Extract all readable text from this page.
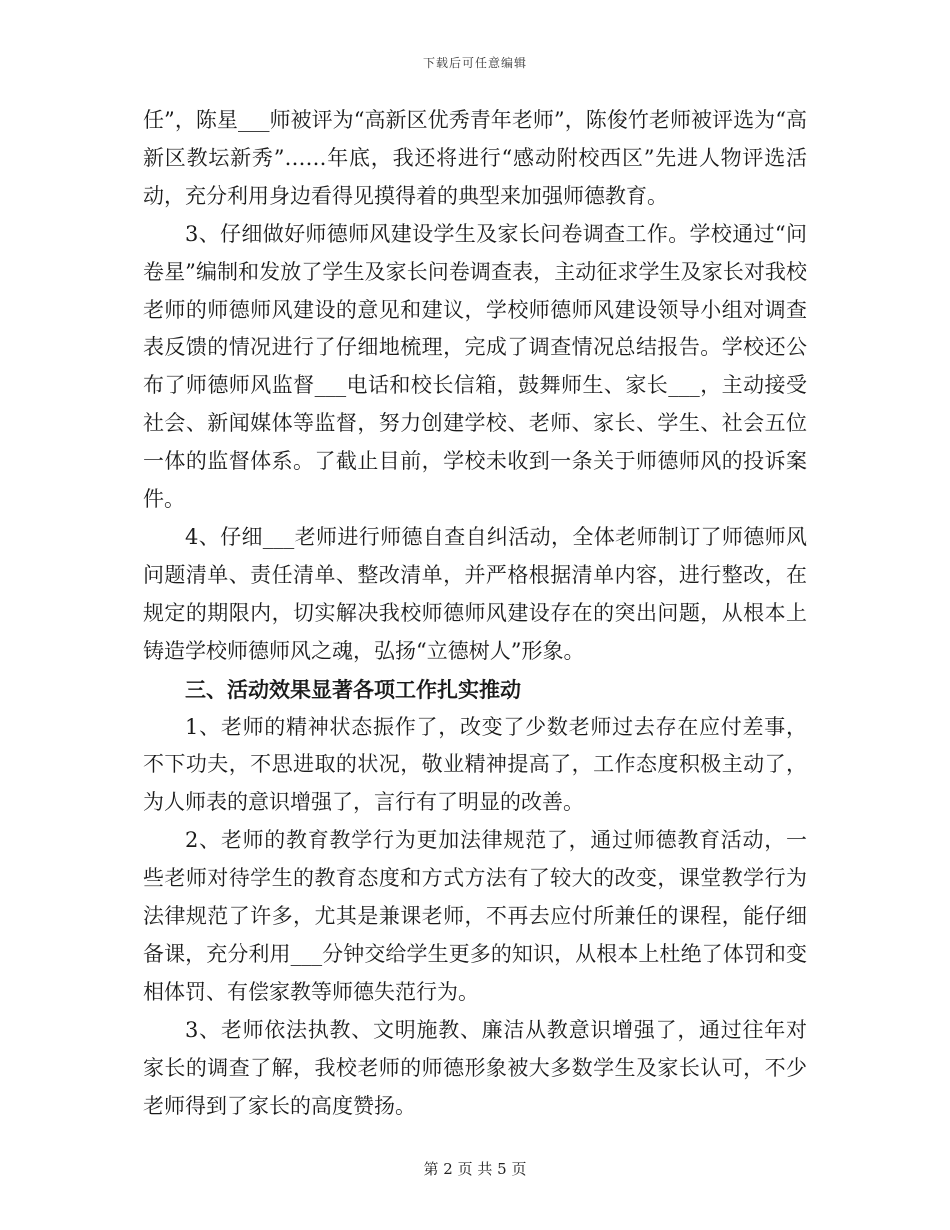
下载后可任意编辑

任”，陈星___师被评为“高新区优秀青年老师”，陈俊竹老师被评选为“高新区教坛新秀”……年底，我还将进行“感动附校西区”先进人物评选活动，充分利用身边看得见摸得着的典型来加强师德教育。

3、仔细做好师德师风建设学生及家长问卷调查工作。学校通过“问卷星”编制和发放了学生及家长问卷调查表，主动征求学生及家长对我校老师的师德师风建设的意见和建议，学校师德师风建设领导小组对调查表反馈的情况进行了仔细地梳理，完成了调查情况总结报告。学校还公布了师德师风监督___电话和校长信箱，鼓舞师生、家长___，主动接受社会、新闻媒体等监督，努力创建学校、老师、家长、学生、社会五位一体的监督体系。了截止目前，学校未收到一条关于师德师风的投诉案件。

4、仔细___老师进行师德自查自纠活动，全体老师制订了师德师风问题清单、责任清单、整改清单，并严格根据清单内容，进行整改，在规定的期限内，切实解决我校师德师风建设存在的突出问题，从根本上铸造学校师德师风之魂，弘扬“立德树人”形象。

三、活动效果显著各项工作扎实推动

1、老师的精神状态振作了，改变了少数老师过去存在应付差事，不下功夫，不思进取的状况，敬业精神提高了，工作态度积极主动了，为人师表的意识增强了，言行有了明显的改善。

2、老师的教育教学行为更加法律规范了，通过师德教育活动，一些老师对待学生的教育态度和方式方法有了较大的改变，课堂教学行为法律规范了许多，尤其是兼课老师，不再去应付所兼任的课程，能仔细备课，充分利用___分钟交给学生更多的知识，从根本上杜绝了体罚和变相体罚、有偿家教等师德失范行为。

3、老师依法执教、文明施教、廉洁从教意识增强了，通过往年对家长的调查了解，我校老师的师德形象被大多数学生及家长认可，不少老师得到了家长的高度赞扬。

第 2 页 共 5 页
